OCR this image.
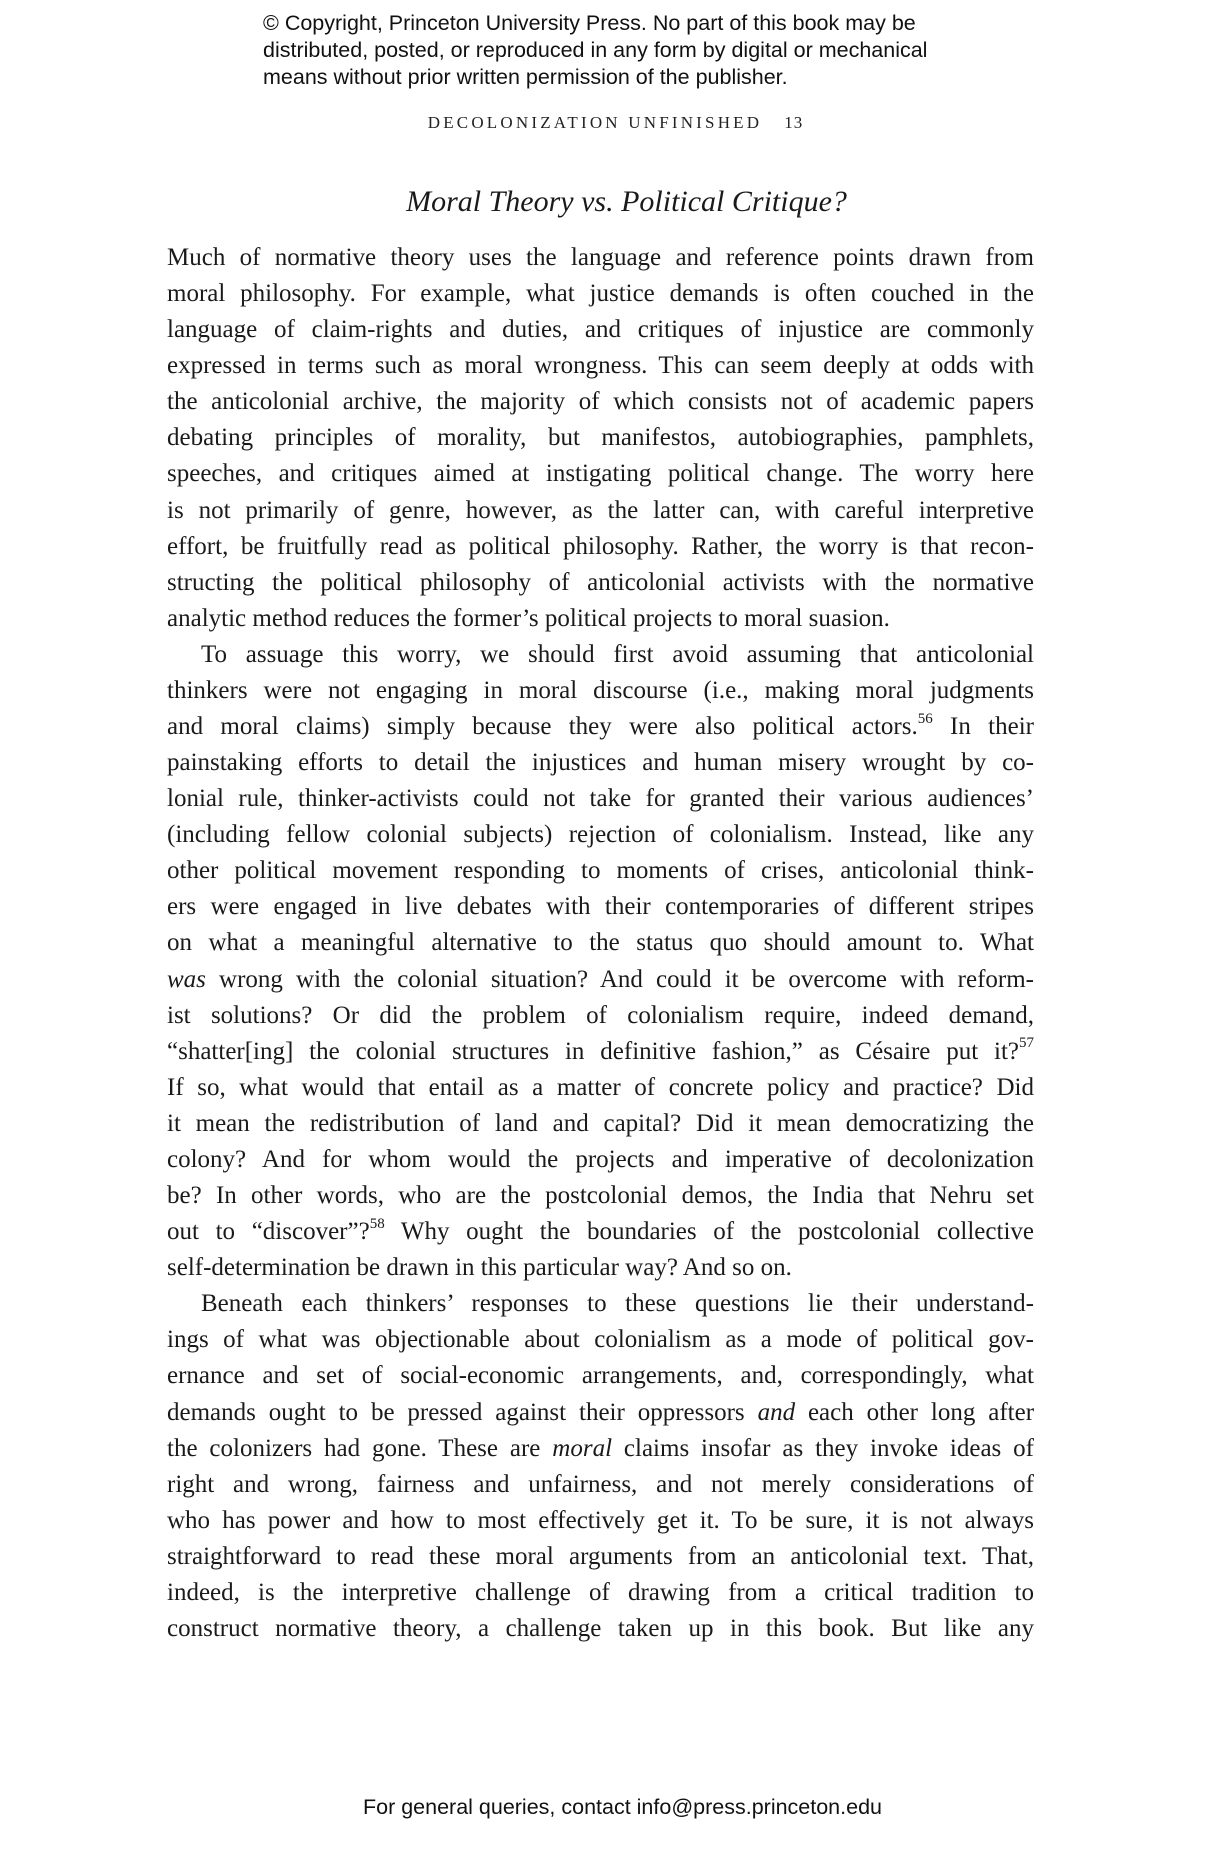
© Copyright, Princeton University Press. No part of this book may be
distributed, posted, or reproduced in any form by digital or mechanical
means without prior written permission of the publisher.
DECOLONIZATION UNFINISHED 13
Moral Theory vs. Political Critique?
Much of normative theory uses the language and reference points drawn from
moral philosophy. For example, what justice demands is often couched in the
language of claim-rights and duties, and critiques of injustice are commonly
expressed in terms such as moral wrongness. This can seem deeply at odds with
the anticolonial archive, the majority of which consists not of academic papers
debating principles of morality, but manifestos, autobiographies, pamphlets,
speeches, and critiques aimed at instigating political change. The worry here
is not primarily of genre, however, as the latter can, with careful interpretive
effort, be fruitfully read as political philosophy. Rather, the worry is that recon-
structing the political philosophy of anticolonial activists with the normative
analytic method reduces the former’s political projects to moral suasion.
To assuage this worry, we should first avoid assuming that anticolonial
thinkers were not engaging in moral discourse (i.e., making moral judgments
and moral claims) simply because they were also political actors.$^{56}$ In their
painstaking efforts to detail the injustices and human misery wrought by co-
lonial rule, thinker-activists could not take for granted their various audiences’
(including fellow colonial subjects) rejection of colonialism. Instead, like any
other political movement responding to moments of crises, anticolonial think-
ers were engaged in live debates with their contemporaries of different stripes
on what a meaningful alternative to the status quo should amount to. What
was wrong with the colonial situation? And could it be overcome with reform-
ist solutions? Or did the problem of colonialism require, indeed demand,
“shatter[ing] the colonial structures in definitive fashion,” as Césaire put it?$^{57}$
If so, what would that entail as a matter of concrete policy and practice? Did
it mean the redistribution of land and capital? Did it mean democratizing the
colony? And for whom would the projects and imperative of decolonization
be? In other words, who are the postcolonial demos, the India that Nehru set
out to “discover”?$^{58}$ Why ought the boundaries of the postcolonial collective
self-determination be drawn in this particular way? And so on.
Beneath each thinkers’ responses to these questions lie their understand-
ings of what was objectionable about colonialism as a mode of political gov-
ernance and set of social-economic arrangements, and, correspondingly, what
demands ought to be pressed against their oppressors and each other long after
the colonizers had gone. These are moral claims insofar as they invoke ideas of
right and wrong, fairness and unfairness, and not merely considerations of
who has power and how to most effectively get it. To be sure, it is not always
straightforward to read these moral arguments from an anticolonial text. That,
indeed, is the interpretive challenge of drawing from a critical tradition to
construct normative theory, a challenge taken up in this book. But like any
For general queries, contact info@press.princeton.edu
